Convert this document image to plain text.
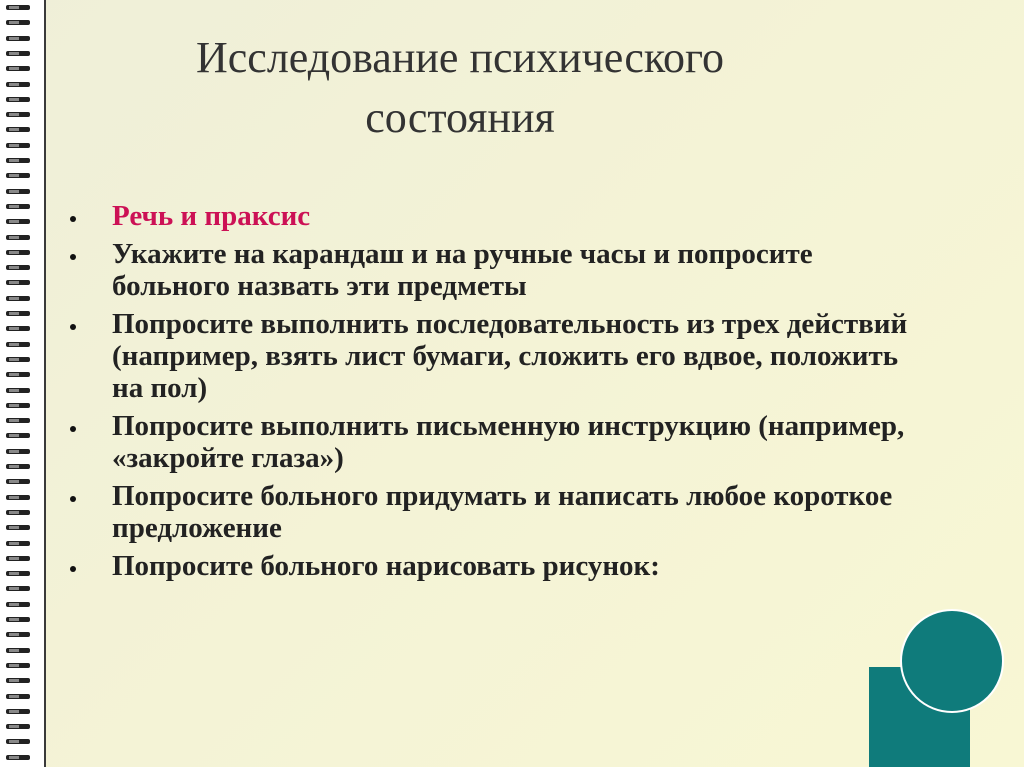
Исследование психического
состояния
Речь и праксис
Укажите на карандаш и на ручные часы и попросите больного назвать эти предметы
Попросите выполнить последовательность из трех действий (например, взять лист бумаги, сложить его вдвое, положить на пол)
Попросите выполнить письменную инструкцию (например, «закройте глаза»)
Попросите больного придумать и написать любое короткое предложение
Попросите больного нарисовать рисунок:
